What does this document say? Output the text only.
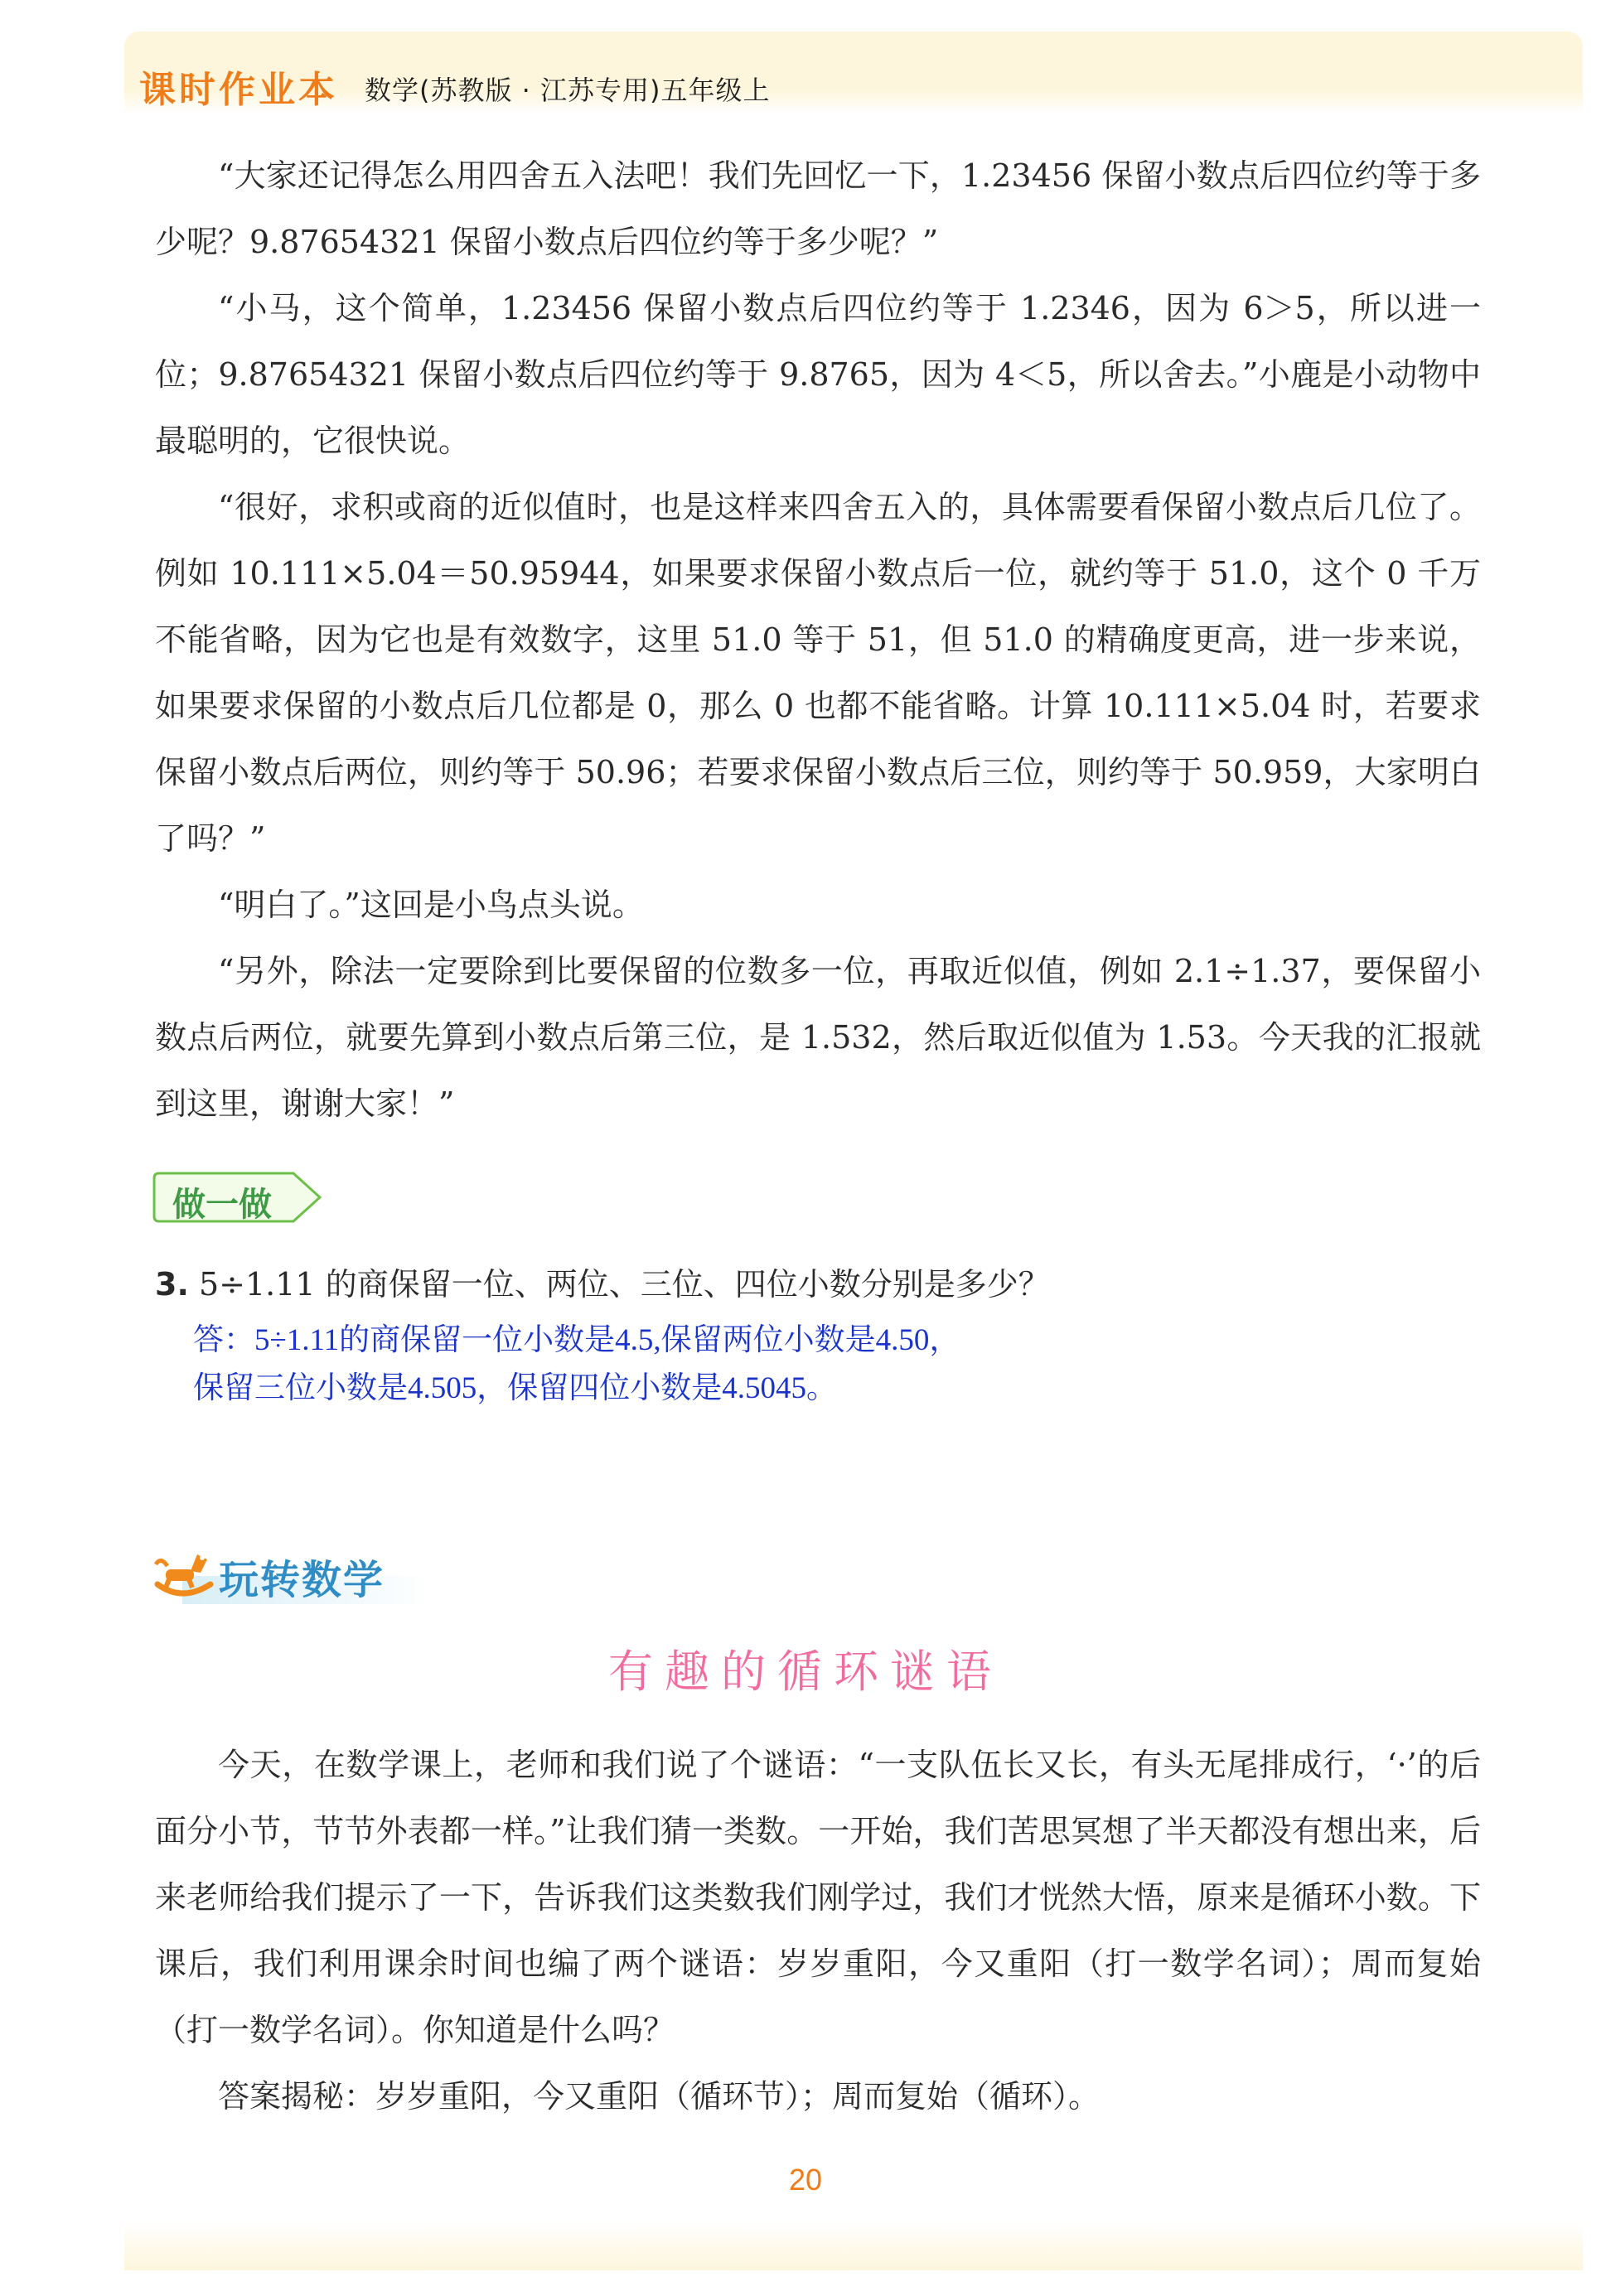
课时作业本 数学(苏教版 · 江苏专用)五年级上

“大家还记得怎么用四舍五入法吧！我们先回忆一下，1.23456 保留小数点后四位约等于多少呢？9.87654321 保留小数点后四位约等于多少呢？”

“小马，这个简单，1.23456 保留小数点后四位约等于 1.2346，因为 6＞5，所以进一位；9.87654321 保留小数点后四位约等于 9.8765，因为 4＜5，所以舍去。”小鹿是小动物中最聪明的，它很快说。

“很好，求积或商的近似值时，也是这样来四舍五入的，具体需要看保留小数点后几位了。例如 10.111×5.04＝50.95944，如果要求保留小数点后一位，就约等于 51.0，这个 0 千万不能省略，因为它也是有效数字，这里 51.0 等于 51，但 51.0 的精确度更高，进一步来说，如果要求保留的小数点后几位都是 0，那么 0 也都不能省略。计算 10.111×5.04 时，若要求保留小数点后两位，则约等于 50.96；若要求保留小数点后三位，则约等于 50.959，大家明白了吗？”

“明白了。”这回是小鸟点头说。

“另外，除法一定要除到比要保留的位数多一位，再取近似值，例如 2.1÷1.37，要保留小数点后两位，就要先算到小数点后第三位，是 1.532，然后取近似值为 1.53。今天我的汇报就到这里，谢谢大家！”

做一做
3. 5÷1.11 的商保留一位、两位、三位、四位小数分别是多少？
答：5÷1.11的商保留一位小数是4.5,保留两位小数是4.50，
保留三位小数是4.505，保留四位小数是4.5045。
玩转数学
有趣的循环谜语

今天，在数学课上，老师和我们说了个谜语：“一支队伍长又长，有头无尾排成行，‘·’的后面分小节，节节外表都一样。”让我们猜一类数。一开始，我们苦思冥想了半天都没有想出来，后来老师给我们提示了一下，告诉我们这类数我们刚学过，我们才恍然大悟，原来是循环小数。下课后，我们利用课余时间也编了两个谜语：岁岁重阳，今又重阳（打一数学名词）；周而复始（打一数学名词）。你知道是什么吗？

答案揭秘：岁岁重阳，今又重阳（循环节）；周而复始（循环）。

20
